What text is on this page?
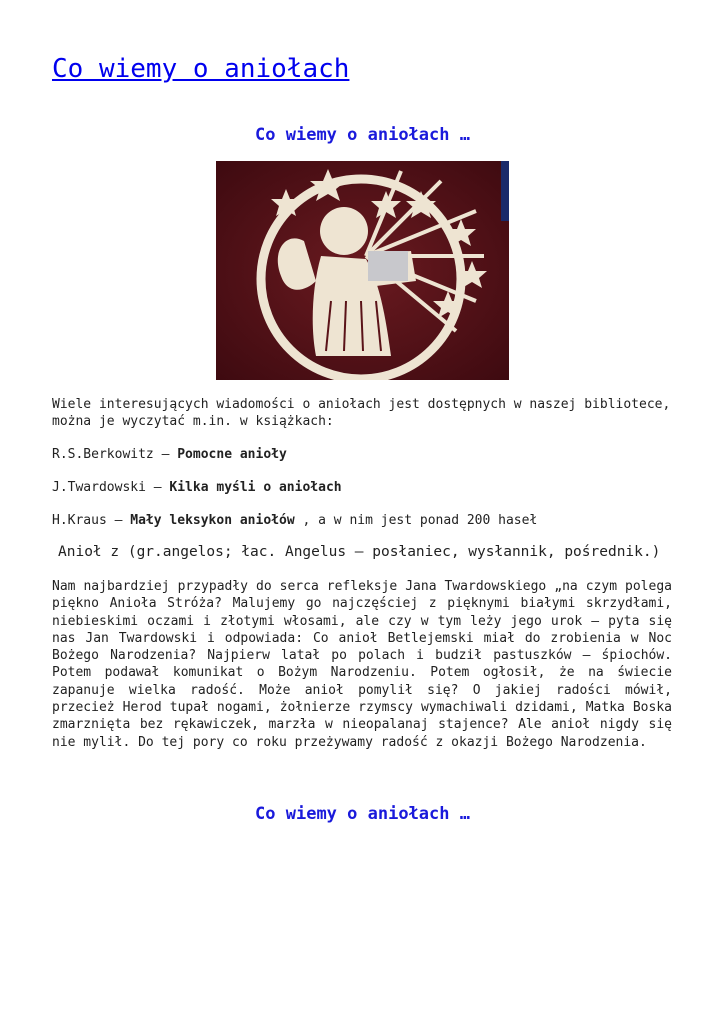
Co wiemy o aniołach
Co wiemy o aniołach …

Wiele interesujących wiadomości o aniołach jest dostępnych w naszej bibliotece, można je wyczytać m.in. w książkach:

R.S.Berkowitz – Pomocne anioły

J.Twardowski – Kilka myśli o aniołach

H.Kraus – Mały leksykon aniołów , a w nim jest ponad 200 haseł

Anioł z (gr.angelos; łac. Angelus – posłaniec, wysłannik, pośrednik.)

Nam najbardziej przypadły do serca refleksje Jana Twardowskiego „na czym polega piękno Anioła Stróża? Malujemy go najczęściej z pięknymi białymi skrzydłami, niebieskimi oczami i złotymi włosami, ale czy w tym leży jego urok – pyta się nas Jan Twardowski i odpowiada: Co anioł Betlejemski miał do zrobienia w Noc Bożego Narodzenia? Najpierw latał po polach i budził pastuszków – śpiochów. Potem podawał komunikat o Bożym Narodzeniu. Potem ogłosił, że na świecie zapanuje wielka radość. Może anioł pomylił się? O jakiej radości mówił, przecież Herod tupał nogami, żołnierze rzymscy wymachiwali dzidami, Matka Boska zmarznięta bez rękawiczek, marzła w nieopalanaj stajence? Ale anioł nigdy się nie mylił. Do tej pory co roku przeżywamy radość z okazji Bożego Narodzenia.

Co wiemy o aniołach …
